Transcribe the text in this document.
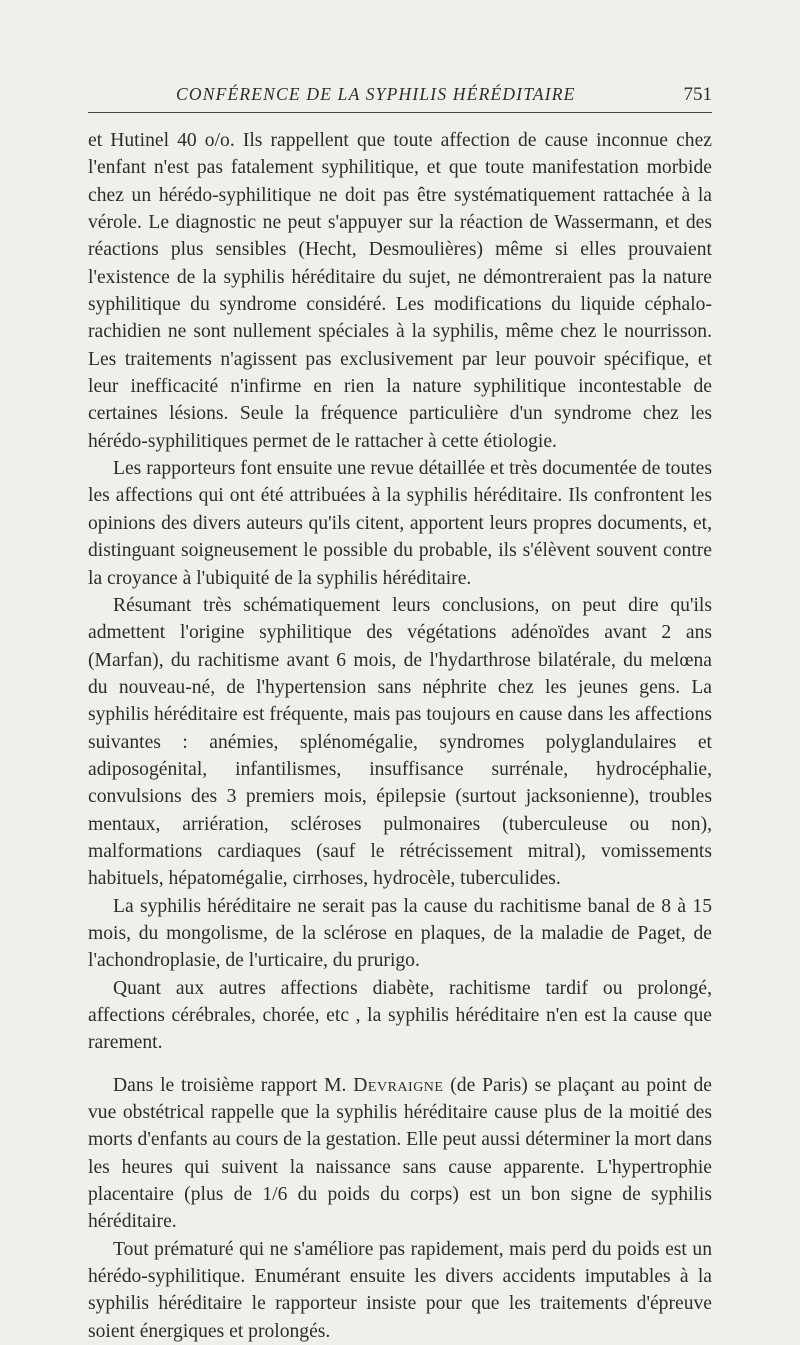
CONFÉRENCE DE LA SYPHILIS HÉRÉDITAIRE	751

et Hutinel 40 o/o. Ils rappellent que toute affection de cause inconnue chez l'enfant n'est pas fatalement syphilitique, et que toute manifestation morbide chez un hérédo-syphilitique ne doit pas être systématiquement rattachée à la vérole. Le diagnostic ne peut s'appuyer sur la réaction de Wassermann, et des réactions plus sensibles (Hecht, Desmoulières) même si elles prouvaient l'existence de la syphilis héréditaire du sujet, ne démontreraient pas la nature syphilitique du syndrome considéré. Les modifications du liquide céphalo-rachidien ne sont nullement spéciales à la syphilis, même chez le nourrisson. Les traitements n'agissent pas exclusivement par leur pouvoir spécifique, et leur inefficacité n'infirme en rien la nature syphilitique incontestable de certaines lésions. Seule la fréquence particulière d'un syndrome chez les hérédo-syphilitiques permet de le rattacher à cette étiologie.

Les rapporteurs font ensuite une revue détaillée et très documentée de toutes les affections qui ont été attribuées à la syphilis héréditaire. Ils confrontent les opinions des divers auteurs qu'ils citent, apportent leurs propres documents, et, distinguant soigneusement le possible du probable, ils s'élèvent souvent contre la croyance à l'ubiquité de la syphilis héréditaire.

Résumant très schématiquement leurs conclusions, on peut dire qu'ils admettent l'origine syphilitique des végétations adénoïdes avant 2 ans (Marfan), du rachitisme avant 6 mois, de l'hydarthrose bilatérale, du melœna du nouveau-né, de l'hypertension sans néphrite chez les jeunes gens. La syphilis héréditaire est fréquente, mais pas toujours en cause dans les affections suivantes : anémies, splénomégalie, syndromes polyglandulaires et adiposogénital, infantilismes, insuffisance surrénale, hydrocéphalie, convulsions des 3 premiers mois, épilepsie (surtout jacksonienne), troubles mentaux, arriération, scléroses pulmonaires (tuberculeuse ou non), malformations cardiaques (sauf le rétrécissement mitral), vomissements habituels, hépatomégalie, cirrhoses, hydrocèle, tuberculides.

La syphilis héréditaire ne serait pas la cause du rachitisme banal de 8 à 15 mois, du mongolisme, de la sclérose en plaques, de la maladie de Paget, de l'achondroplasie, de l'urticaire, du prurigo.

Quant aux autres affections diabète, rachitisme tardif ou prolongé, affections cérébrales, chorée, etc , la syphilis héréditaire n'en est la cause que rarement.

Dans le troisième rapport M. Devraigne (de Paris) se plaçant au point de vue obstétrical rappelle que la syphilis héréditaire cause plus de la moitié des morts d'enfants au cours de la gestation. Elle peut aussi déterminer la mort dans les heures qui suivent la naissance sans cause apparente. L'hypertrophie placentaire (plus de 1/6 du poids du corps) est un bon signe de syphilis héréditaire.

Tout prématuré qui ne s'améliore pas rapidement, mais perd du poids est un hérédo-syphilitique. Enumérant ensuite les divers accidents imputables à la syphilis héréditaire le rapporteur insiste pour que les traitements d'épreuve soient énergiques et prolongés.
